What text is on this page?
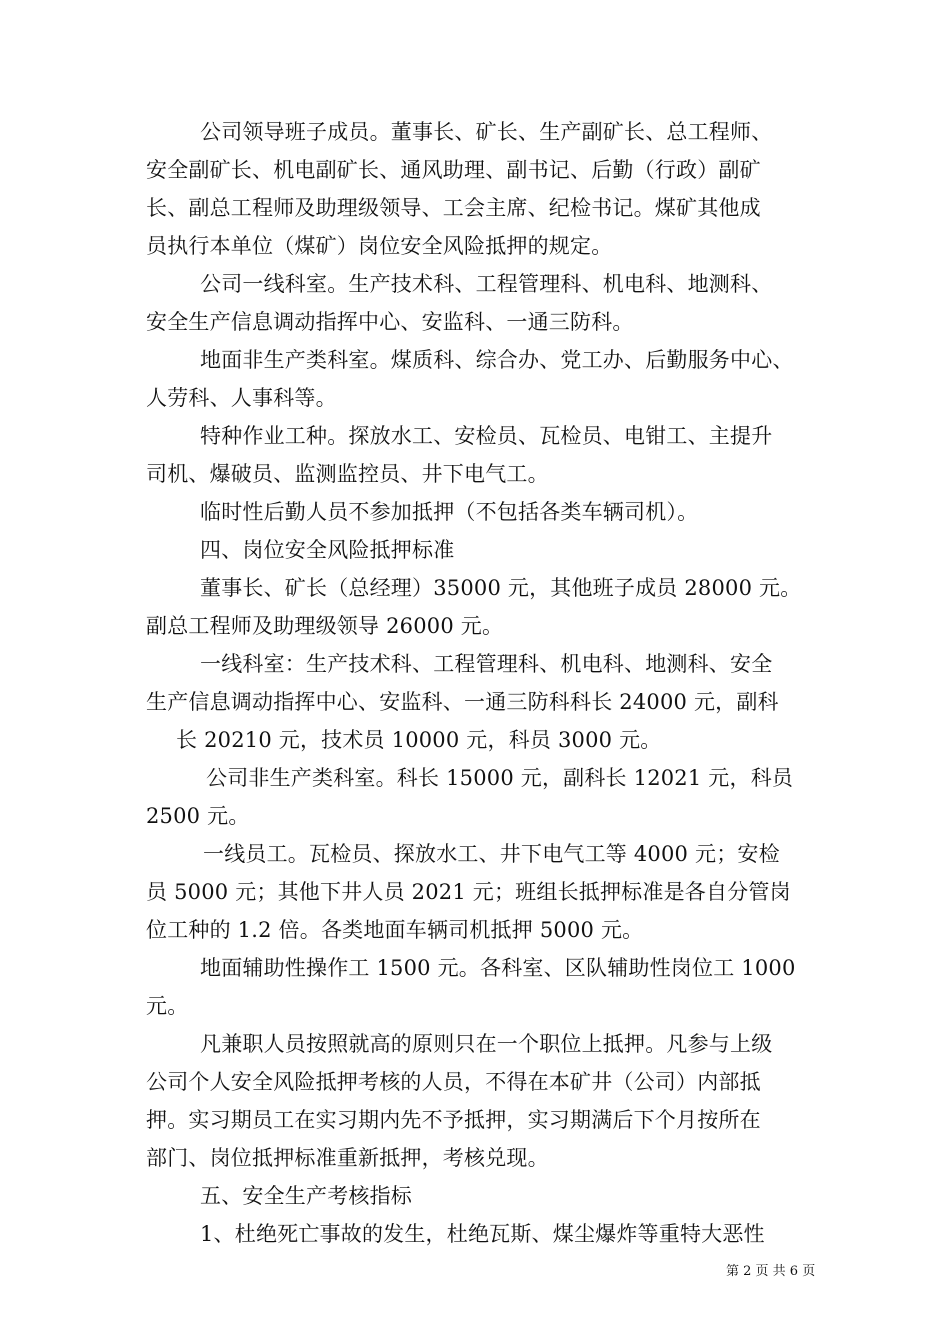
公司领导班子成员。董事长、矿长、生产副矿长、总工程师、
安全副矿长、机电副矿长、通风助理、副书记、后勤（行政）副矿
长、副总工程师及助理级领导、工会主席、纪检书记。煤矿其他成
员执行本单位（煤矿）岗位安全风险抵押的规定。
公司一线科室。生产技术科、工程管理科、机电科、地测科、
安全生产信息调动指挥中心、安监科、一通三防科。
地面非生产类科室。煤质科、综合办、党工办、后勤服务中心、
人劳科、人事科等。
特种作业工种。探放水工、安检员、瓦检员、电钳工、主提升
司机、爆破员、监测监控员、井下电气工。
临时性后勤人员不参加抵押（不包括各类车辆司机）。
四、岗位安全风险抵押标准
董事长、矿长（总经理）35000 元，其他班子成员 28000 元。
副总工程师及助理级领导 26000 元。
一线科室：生产技术科、工程管理科、机电科、地测科、安全
生产信息调动指挥中心、安监科、一通三防科科长 24000 元，副科
长 20210 元，技术员 10000 元，科员 3000 元。
公司非生产类科室。科长 15000 元，副科长 12021 元，科员
2500 元。
一线员工。瓦检员、探放水工、井下电气工等 4000 元；安检
员 5000 元；其他下井人员 2021 元；班组长抵押标准是各自分管岗
位工种的 1.2 倍。各类地面车辆司机抵押 5000 元。
地面辅助性操作工 1500 元。各科室、区队辅助性岗位工 1000
元。
凡兼职人员按照就高的原则只在一个职位上抵押。凡参与上级
公司个人安全风险抵押考核的人员，不得在本矿井（公司）内部抵
押。实习期员工在实习期内先不予抵押，实习期满后下个月按所在
部门、岗位抵押标准重新抵押，考核兑现。
五、安全生产考核指标
1、杜绝死亡事故的发生，杜绝瓦斯、煤尘爆炸等重特大恶性
第 2 页 共 6 页
